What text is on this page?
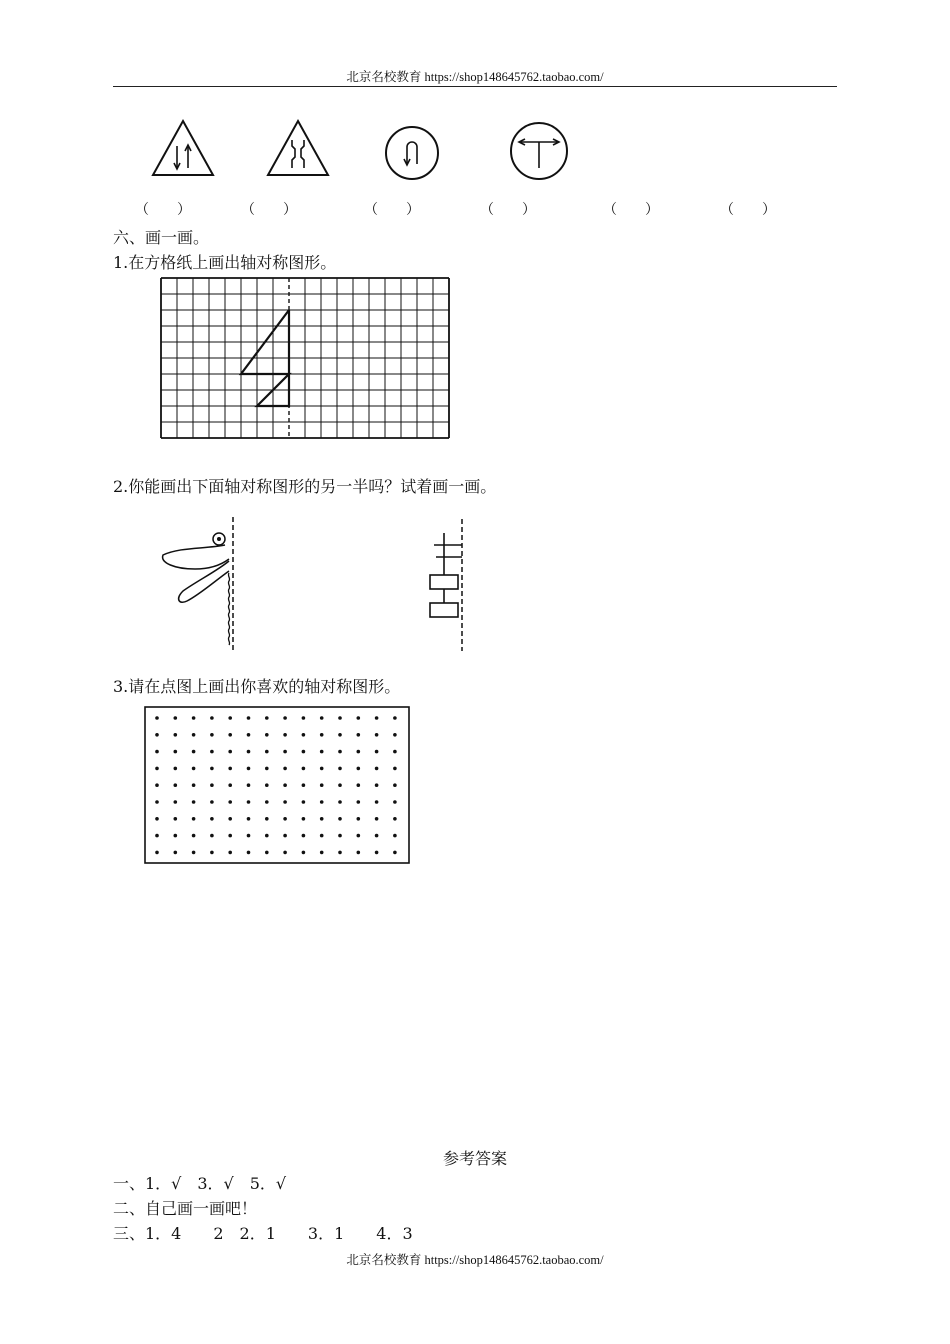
北京名校教育 https://shop148645762.taobao.com/
（　　）	（　　）	（　　）	（　　）	（　　）	（　　）
六、画一画。
1.在方格纸上画出轴对称图形。
2.你能画出下面轴对称图形的另一半吗？试着画一画。
3.请在点图上画出你喜欢的轴对称图形。
参考答案
一、1．√　3．√　5．√
二、自己画一画吧！
三、1．4　　2　2．1　　3．1　　4．3
北京名校教育 https://shop148645762.taobao.com/
